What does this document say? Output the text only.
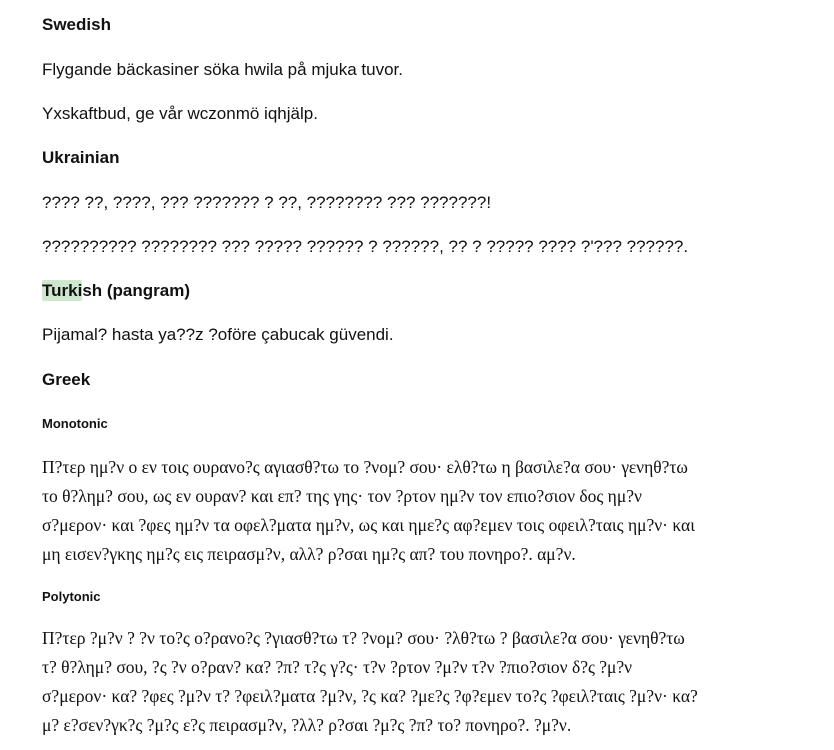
Swedish

Flygande bäckasiner söka hwila på mjuka tuvor.

Yxskaftbud, ge vår wczonmö iqhjälp.

Ukrainian

???? ??, ????, ??? ??????? ? ??, ???????? ??? ???????!

?????????? ???????? ??? ????? ?????? ? ??????, ?? ? ????? ???? ?'??? ??????.

Turkish (pangram)

Pijamal? hasta ya??z ?oföre çabucak güvendi.

Greek
Monotonic
Π?τερ ημ?ν ο εν τοις ουρανο?ς αγιασθ?τω το ?νομ? σου· ελθ?τω η βασιλε?α σου· γενηθ?τω
το θ?λημ? σου, ως εν ουραν? και επ? της γης· τον ?ρτον ημ?ν τον επιο?σιον δος ημ?ν
σ?μερον· και ?φες ημ?ν τα οφελ?ματα ημ?ν, ως και ημε?ς αφ?εμεν τοις οφειλ?ταις ημ?ν· και
μη εισεν?γκης ημ?ς εις πειρασμ?ν, αλλ? ρ?σαι ημ?ς απ? του πονηρο?. αμ?ν.
Polytonic
Π?τερ ?μ?ν ? ?ν το?ς ο?ρανο?ς ?γιασθ?τω τ? ?νομ? σου· ?λθ?τω ? βασιλε?α σου· γενηθ?τω
τ? θ?λημ? σου, ?ς ?ν ο?ραν? κα? ?π? τ?ς γ?ς· τ?ν ?ρτον ?μ?ν τ?ν ?πιο?σιον δ?ς ?μ?ν
σ?μερον· κα? ?φες ?μ?ν τ? ?φειλ?ματα ?μ?ν, ?ς κα? ?με?ς ?φ?εμεν το?ς ?φειλ?ταις ?μ?ν· κα?
μ? ε?σεν?γκ?ς ?μ?ς ε?ς πειρασμ?ν, ?λλ? ρ?σαι ?μ?ς ?π? το? πονηρο?. ?μ?ν.
